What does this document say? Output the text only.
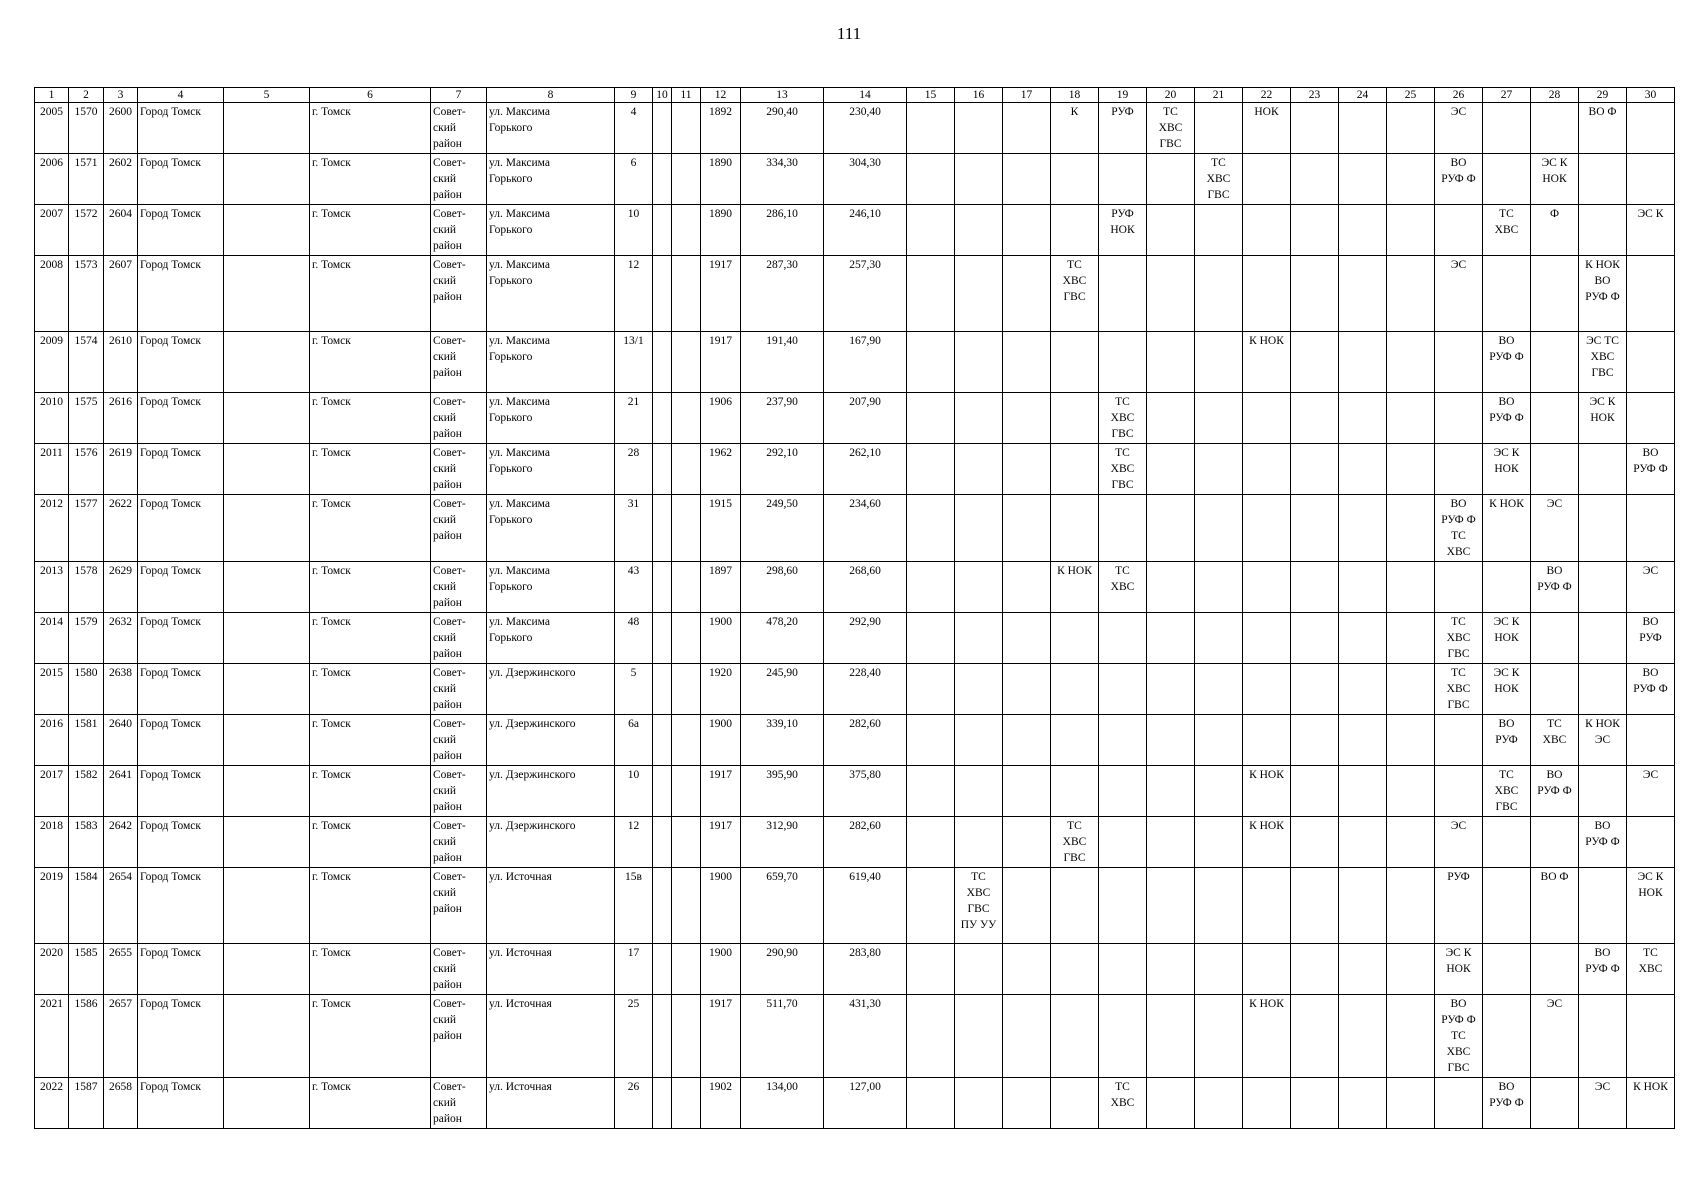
111
1	2	3	4	5	6	7	8	9	10	11	12	13	14	15	16	17	18	19	20	21	22	23	24	25	26	27	28	29	30
2005	1570	2600	Город Томск		г. Томск	Совет-
ский
район	ул. Максима
Горького	4			1892	290,40	230,40				К	РУФ	ТС
ХВС
ГВС		НОК				ЭС			ВО Ф	
2006	1571	2602	Город Томск		г. Томск	Совет-
ский
район	ул. Максима
Горького	6			1890	334,30	304,30							ТС
ХВС
ГВС					ВО
РУФ Ф		ЭС К
НОК		
2007	1572	2604	Город Томск		г. Томск	Совет-
ский
район	ул. Максима
Горького	10			1890	286,10	246,10					РУФ
НОК								ТС
ХВС	Ф		ЭС К
2008	1573	2607	Город Томск		г. Томск	Совет-
ский
район	ул. Максима
Горького	12			1917	287,30	257,30				ТС
ХВС
ГВС								ЭС			К НОК
ВО
РУФ Ф	
2009	1574	2610	Город Томск		г. Томск	Совет-
ский
район	ул. Максима
Горького	13/1			1917	191,40	167,90								К НОК					ВО
РУФ Ф		ЭС ТС
ХВС
ГВС	
2010	1575	2616	Город Томск		г. Томск	Совет-
ский
район	ул. Максима
Горького	21			1906	237,90	207,90					ТС
ХВС
ГВС								ВО
РУФ Ф		ЭС К
НОК	
2011	1576	2619	Город Томск		г. Томск	Совет-
ский
район	ул. Максима
Горького	28			1962	292,10	262,10					ТС
ХВС
ГВС								ЭС К
НОК			ВО
РУФ Ф
2012	1577	2622	Город Томск		г. Томск	Совет-
ский
район	ул. Максима
Горького	31			1915	249,50	234,60												ВО
РУФ Ф
ТС
ХВС	К НОК	ЭС		
2013	1578	2629	Город Томск		г. Томск	Совет-
ский
район	ул. Максима
Горького	43			1897	298,60	268,60				К НОК	ТС
ХВС									ВО
РУФ Ф		ЭС
2014	1579	2632	Город Томск		г. Томск	Совет-
ский
район	ул. Максима
Горького	48			1900	478,20	292,90												ТС
ХВС
ГВС	ЭС К
НОК			ВО
РУФ
2015	1580	2638	Город Томск		г. Томск	Совет-
ский
район	ул. Дзержинского	5			1920	245,90	228,40												ТС
ХВС
ГВС	ЭС К
НОК			ВО
РУФ Ф
2016	1581	2640	Город Томск		г. Томск	Совет-
ский
район	ул. Дзержинского	6а			1900	339,10	282,60													ВО
РУФ	ТС
ХВС	К НОК
ЭС	
2017	1582	2641	Город Томск		г. Томск	Совет-
ский
район	ул. Дзержинского	10			1917	395,90	375,80								К НОК					ТС
ХВС
ГВС	ВО
РУФ Ф		ЭС
2018	1583	2642	Город Томск		г. Томск	Совет-
ский
район	ул. Дзержинского	12			1917	312,90	282,60				ТС
ХВС
ГВС				К НОК				ЭС			ВО
РУФ Ф	
2019	1584	2654	Город Томск		г. Томск	Совет-
ский
район	ул. Источная	15в			1900	659,70	619,40		ТС
ХВС
ГВС
ПУ УУ										РУФ		ВО Ф		ЭС К
НОК
2020	1585	2655	Город Томск		г. Томск	Совет-
ский
район	ул. Источная	17			1900	290,90	283,80												ЭС К
НОК			ВО
РУФ Ф	ТС
ХВС
2021	1586	2657	Город Томск		г. Томск	Совет-
ский
район	ул. Источная	25			1917	511,70	431,30								К НОК				ВО
РУФ Ф
ТС
ХВС
ГВС		ЭС		
2022	1587	2658	Город Томск		г. Томск	Совет-
ский
район	ул. Источная	26			1902	134,00	127,00					ТС
ХВС								ВО
РУФ Ф		ЭС	К НОК
